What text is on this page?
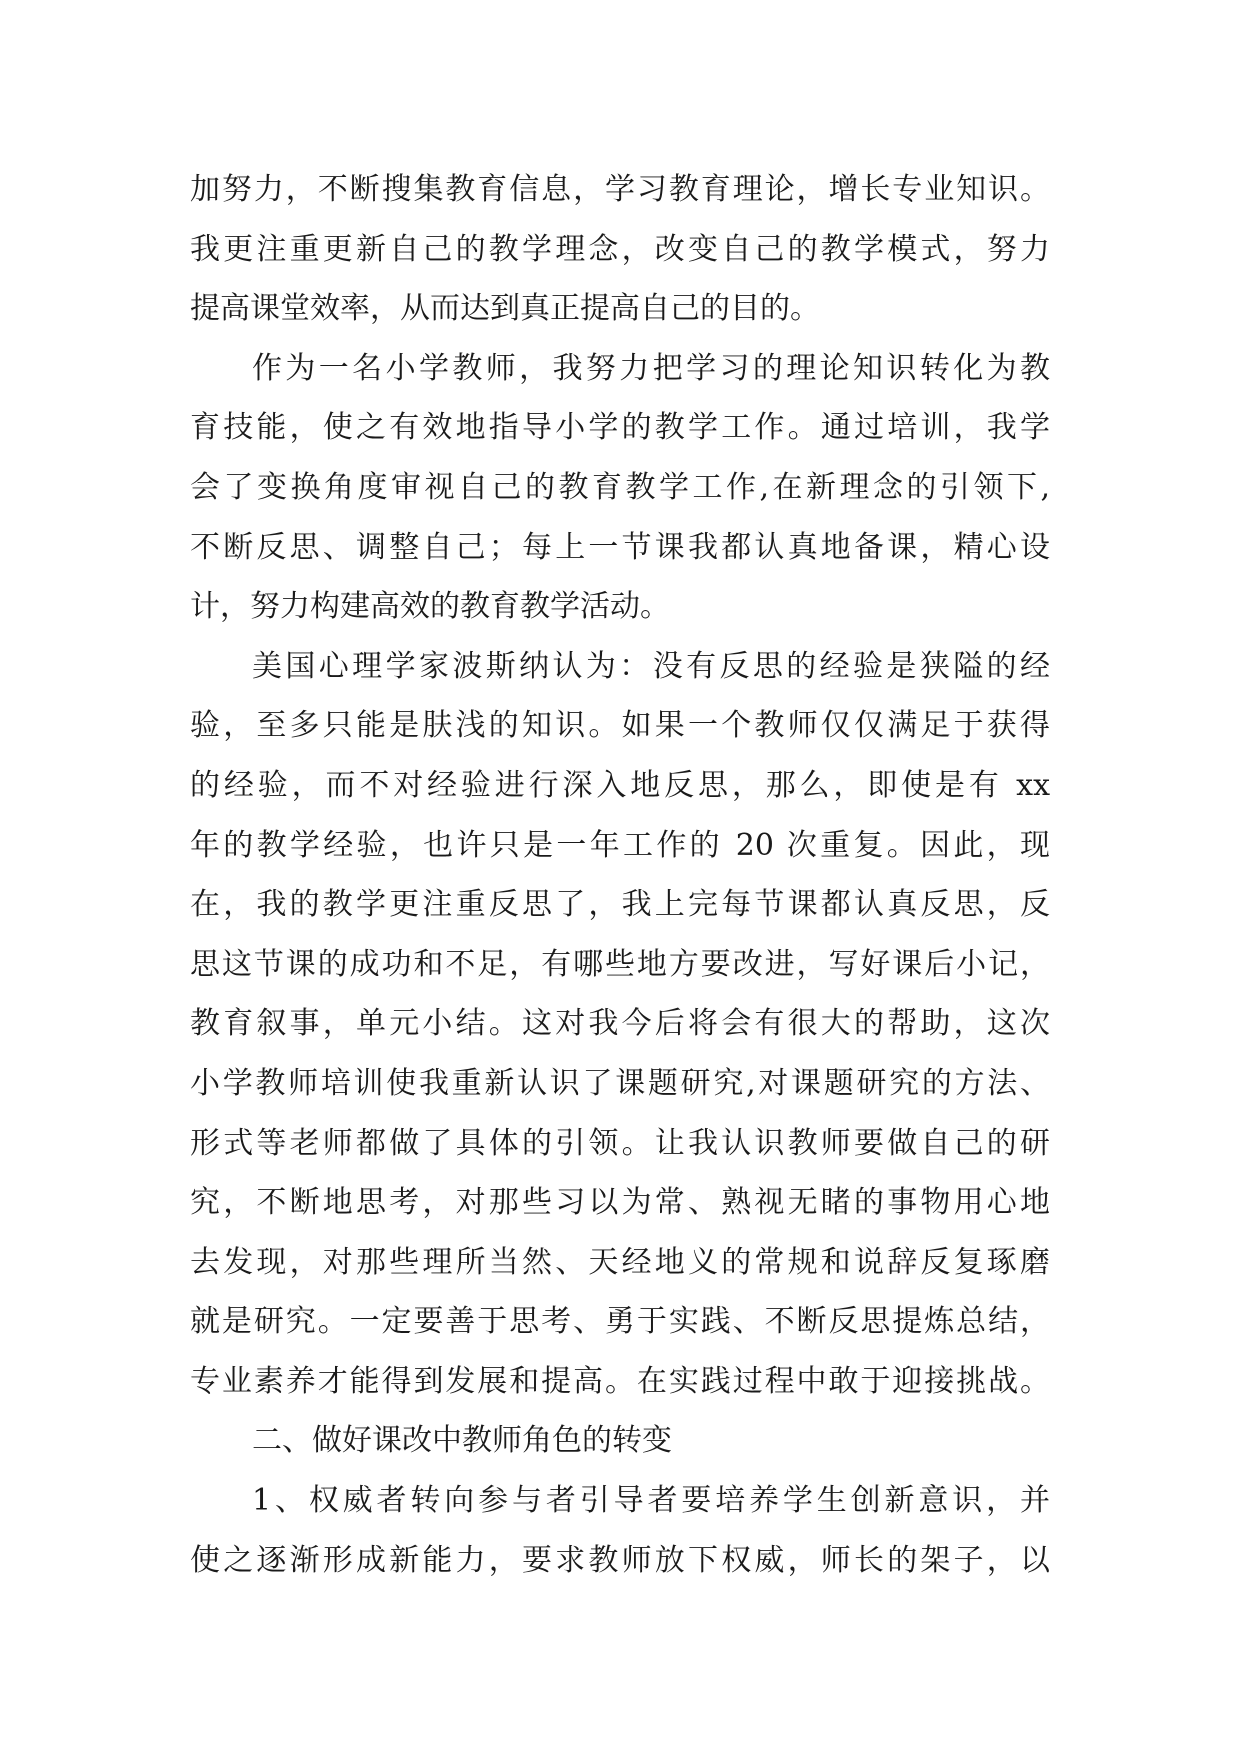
加努力，不断搜集教育信息，学习教育理论，增长专业知识。
我更注重更新自己的教学理念，改变自己的教学模式，努力
提高课堂效率，从而达到真正提高自己的目的。
作为一名小学教师，我努力把学习的理论知识转化为教
育技能，使之有效地指导小学的教学工作。通过培训，我学
会了变换角度审视自己的教育教学工作,在新理念的引领下,
不断反思、调整自己；每上一节课我都认真地备课，精心设
计，努力构建高效的教育教学活动。
美国心理学家波斯纳认为：没有反思的经验是狭隘的经
验，至多只能是肤浅的知识。如果一个教师仅仅满足于获得
的经验，而不对经验进行深入地反思，那么，即使是有 xx
年的教学经验，也许只是一年工作的 20 次重复。因此，现
在，我的教学更注重反思了，我上完每节课都认真反思，反
思这节课的成功和不足，有哪些地方要改进，写好课后小记，
教育叙事，单元小结。这对我今后将会有很大的帮助，这次
小学教师培训使我重新认识了课题研究,对课题研究的方法、
形式等老师都做了具体的引领。让我认识教师要做自己的研
究，不断地思考，对那些习以为常、熟视无睹的事物用心地
去发现，对那些理所当然、天经地义的常规和说辞反复琢磨
就是研究。一定要善于思考、勇于实践、不断反思提炼总结，
专业素养才能得到发展和提高。在实践过程中敢于迎接挑战。
二、做好课改中教师角色的转变
1、权威者转向参与者引导者要培养学生创新意识，并
使之逐渐形成新能力，要求教师放下权威，师长的架子，以
